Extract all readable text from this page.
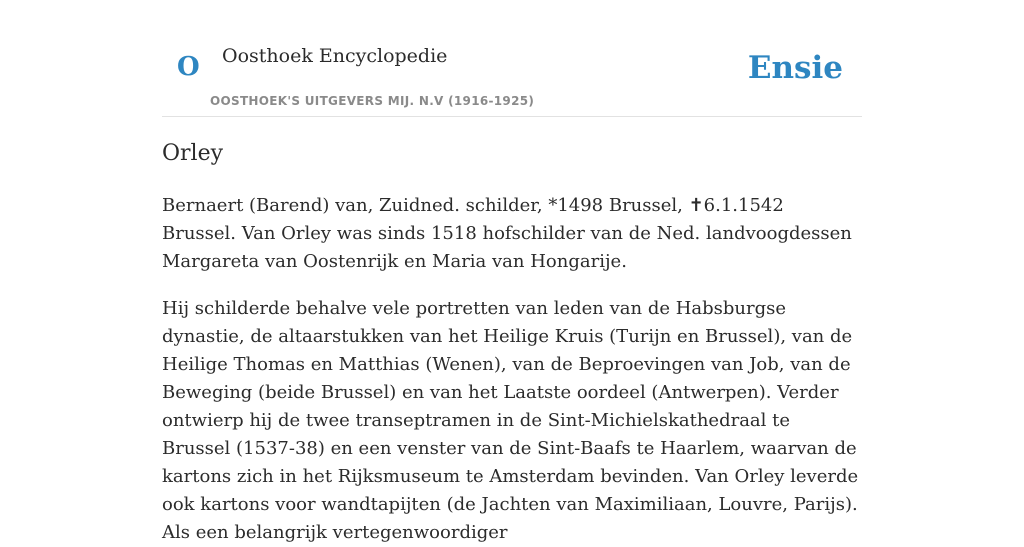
O Oosthoek Encyclopedie
OOSTHOEK'S UITGEVERS MIJ. N.V (1916-1925)
Ensie
Orley

Bernaert (Barend) van, Zuidned. schilder, *1498 Brussel, ✝6.1.1542 Brussel. Van Orley was sinds 1518 hofschilder van de Ned. landvoogdessen Margareta van Oostenrijk en Maria van Hongarije.

Hij schilderde behalve vele portretten van leden van de Habsburgse dynastie, de altaarstukken van het Heilige Kruis (Turijn en Brussel), van de Heilige Thomas en Matthias (Wenen), van de Beproevingen van Job, van de Beweging (beide Brussel) en van het Laatste oordeel (Antwerpen). Verder ontwierp hij de twee transeptramen in de Sint-Michielskathedraal te Brussel (1537-38) en een venster van de Sint-Baafs te Haarlem, waarvan de kartons zich in het Rijksmuseum te Amsterdam bevinden. Van Orley leverde ook kartons voor wandtapijten (de Jachten van Maximiliaan, Louvre, Parijs). Als een belangrijk vertegenwoordiger
